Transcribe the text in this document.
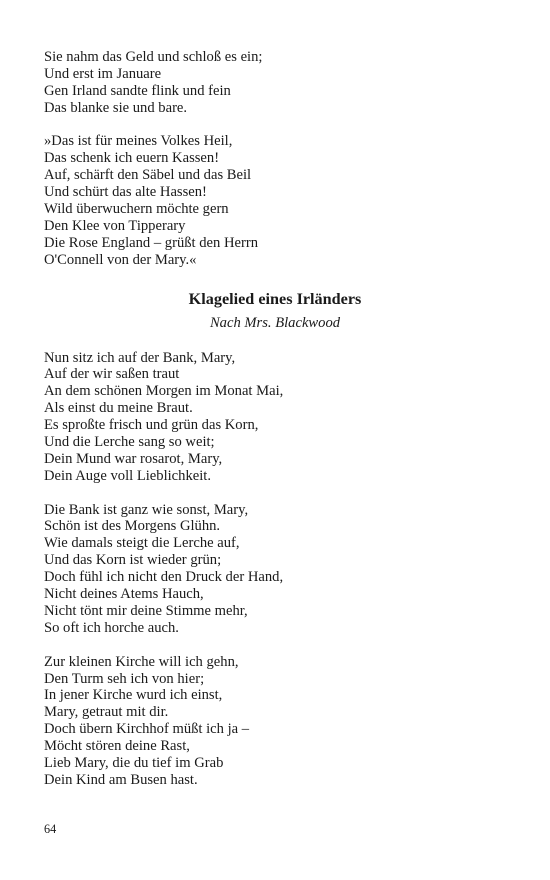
Sie nahm das Geld und schloß es ein;
Und erst im Januare
Gen Irland sandte flink und fein
Das blanke sie und bare.
»Das ist für meines Volkes Heil,
Das schenk ich euern Kassen!
Auf, schärft den Säbel und das Beil
Und schürt das alte Hassen!
Wild überwuchern möchte gern
Den Klee von Tipperary
Die Rose England – grüßt den Herrn
O'Connell von der Mary.«
Klagelied eines Irländers
Nach Mrs. Blackwood
Nun sitz ich auf der Bank, Mary,
Auf der wir saßen traut
An dem schönen Morgen im Monat Mai,
Als einst du meine Braut.
Es sproßte frisch und grün das Korn,
Und die Lerche sang so weit;
Dein Mund war rosarot, Mary,
Dein Auge voll Lieblichkeit.
Die Bank ist ganz wie sonst, Mary,
Schön ist des Morgens Glühn.
Wie damals steigt die Lerche auf,
Und das Korn ist wieder grün;
Doch fühl ich nicht den Druck der Hand,
Nicht deines Atems Hauch,
Nicht tönt mir deine Stimme mehr,
So oft ich horche auch.
Zur kleinen Kirche will ich gehn,
Den Turm seh ich von hier;
In jener Kirche wurd ich einst,
Mary, getraut mit dir.
Doch übern Kirchhof müßt ich ja –
Möcht stören deine Rast,
Lieb Mary, die du tief im Grab
Dein Kind am Busen hast.
64
